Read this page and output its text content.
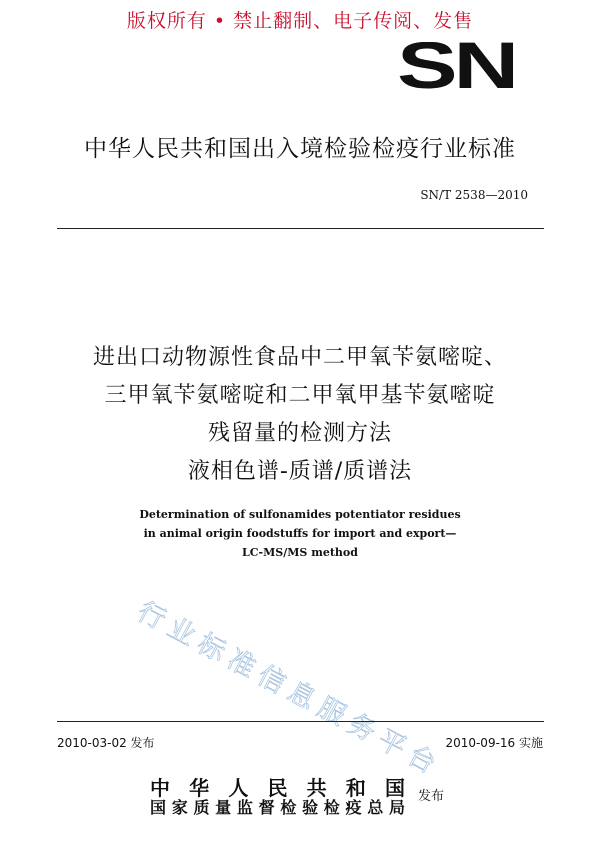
版权所有 • 禁止翻制、电子传阅、发售
SN
中华人民共和国出入境检验检疫行业标准
SN/T 2538—2010
进出口动物源性食品中二甲氧苄氨嘧啶、
三甲氧苄氨嘧啶和二甲氧甲基苄氨嘧啶
残留量的检测方法
液相色谱-质谱/质谱法
Determination of sulfonamides potentiator residues
in animal origin foodstuffs for import and export—
LC-MS/MS method
行业标准信息服务平台
2010-03-02 发布	2010-09-16 实施
中华人民共和国
国家质量监督检验检疫总局
发布
